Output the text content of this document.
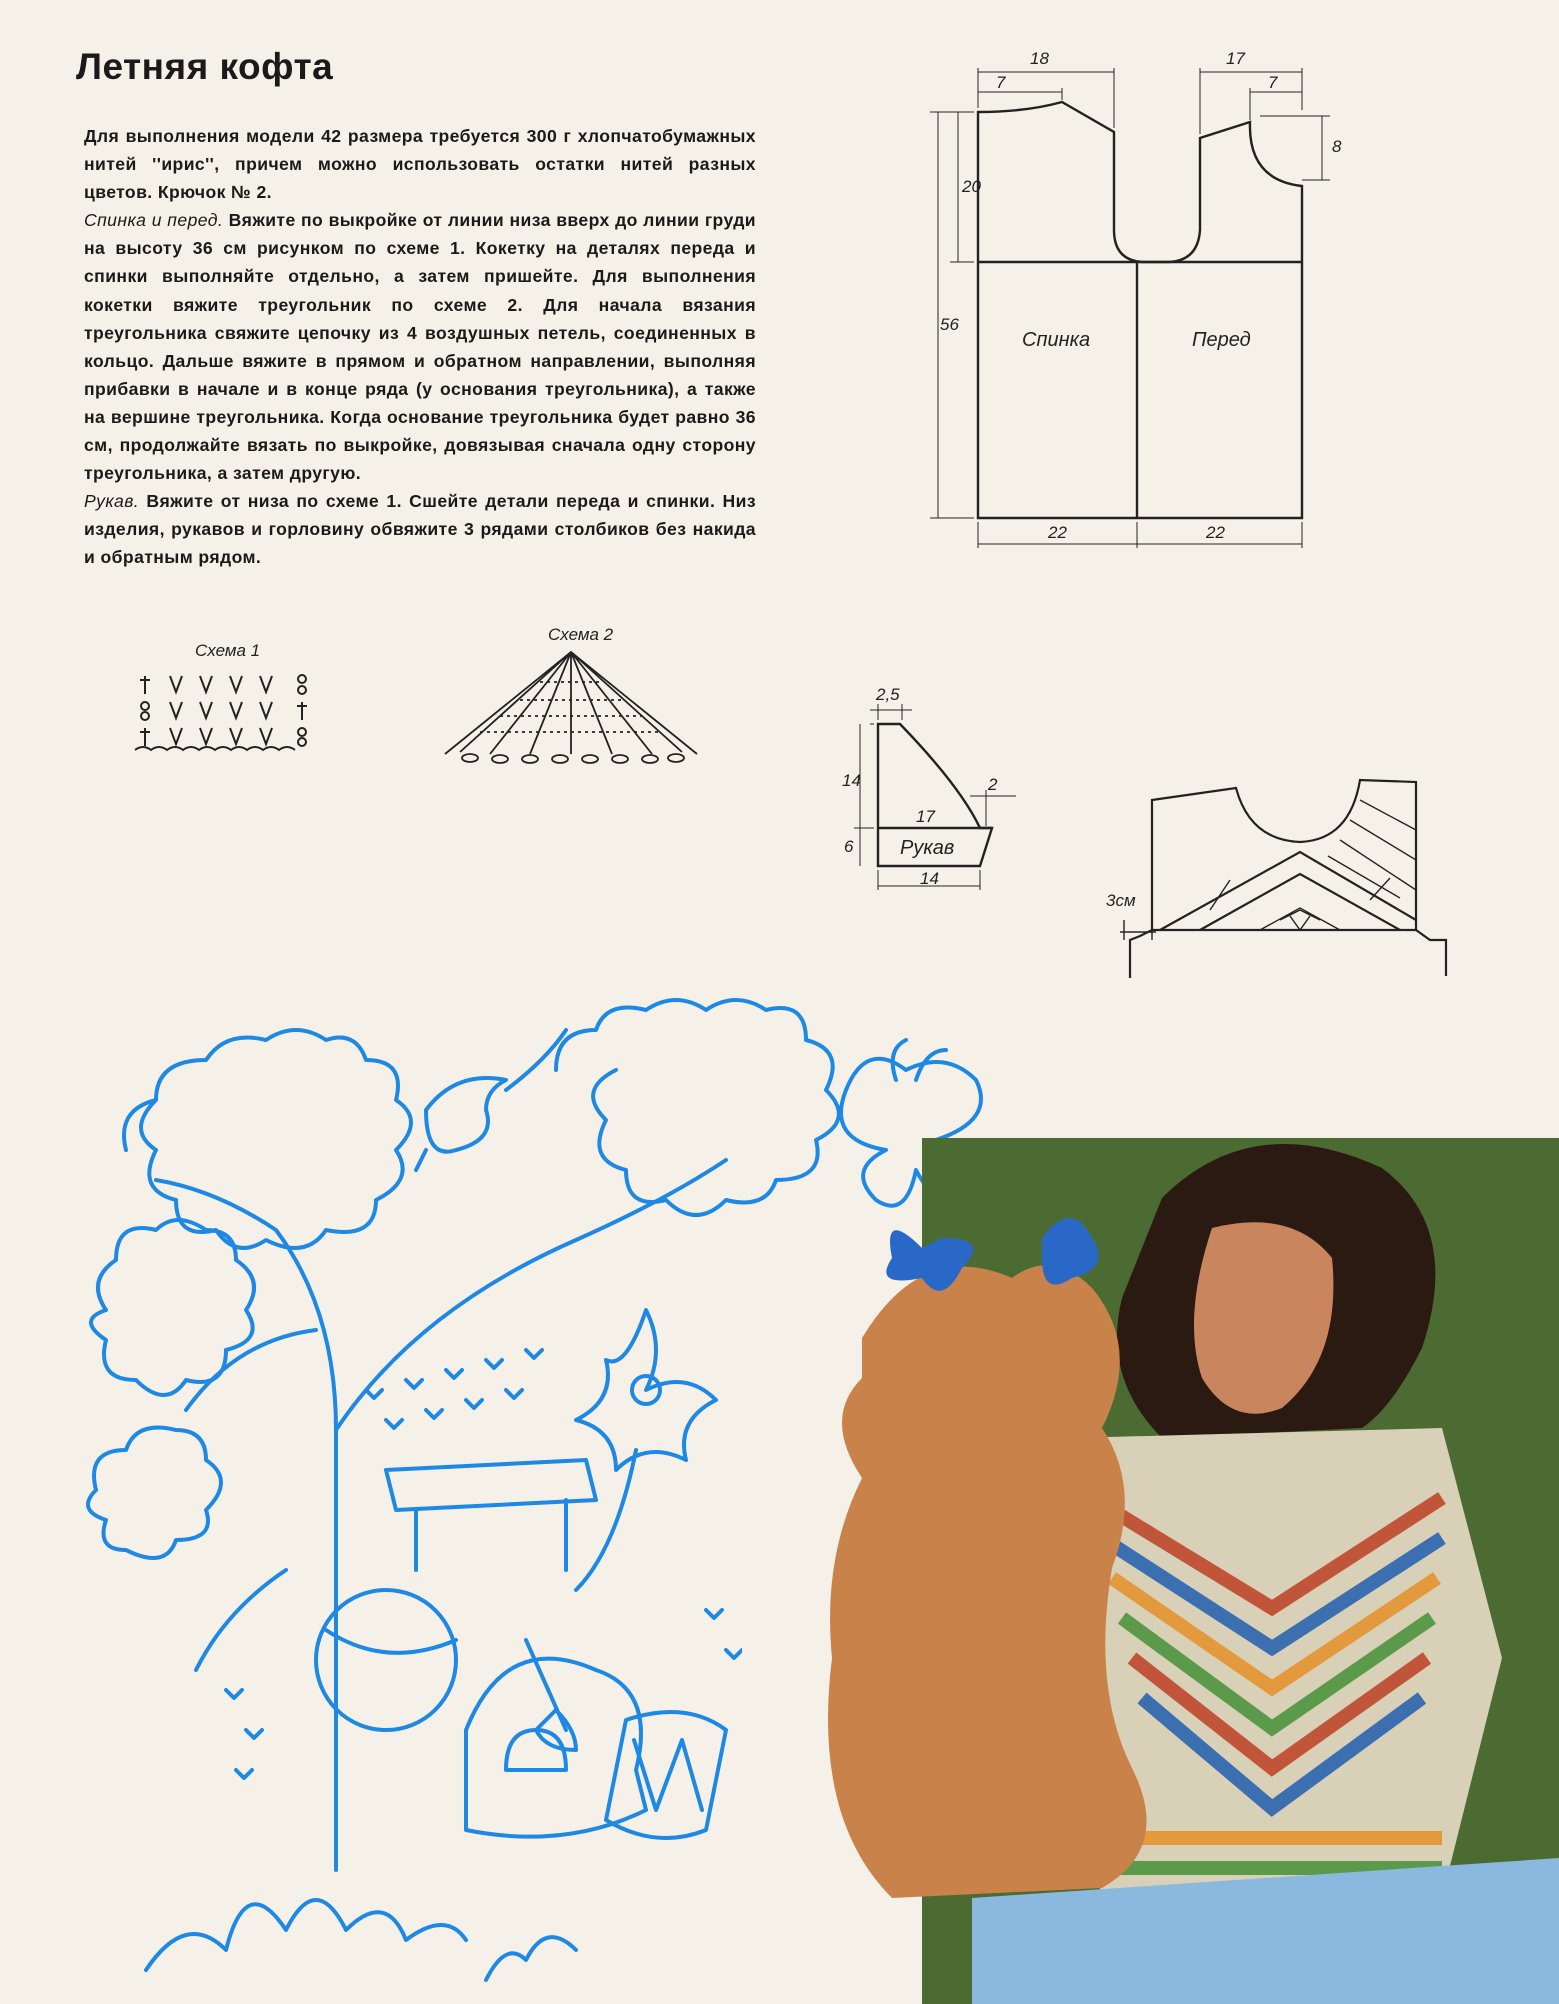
Летняя кофта

Для выполнения модели 42 размера требуется 300 г хлопчатобумажных нитей ''ирис'', причем можно использовать остатки нитей разных цветов. Крючок № 2.

Спинка и перед. Вяжите по выкройке от линии низа вверх до линии груди на высоту 36 см рисунком по схеме 1. Кокетку на деталях переда и спинки выполняйте отдельно, а затем пришейте. Для выполнения кокетки вяжите треугольник по схеме 2. Для начала вязания треугольника свяжите цепочку из 4 воздушных петель, соединенных в кольцо. Дальше вяжите в прямом и обратном направлении, выполняя прибавки в начале и в конце ряда (у основания треугольника), а также на вершине треугольника. Когда основание треугольника будет равно 36 см, продолжайте вязать по выкройке, довязывая сначала одну сторону треугольника, а затем другую.

Рукав. Вяжите от низа по схеме 1. Сшейте детали переда и спинки. Низ изделия, рукавов и горловину обвяжите 3 рядами столбиков без накида и обратным рядом.

Схема 1
Схема 2
18	17
7	7
8
20
56
22	22
Спинка	Перед
2,5
14	2
17
6
14
Рукав
3см
